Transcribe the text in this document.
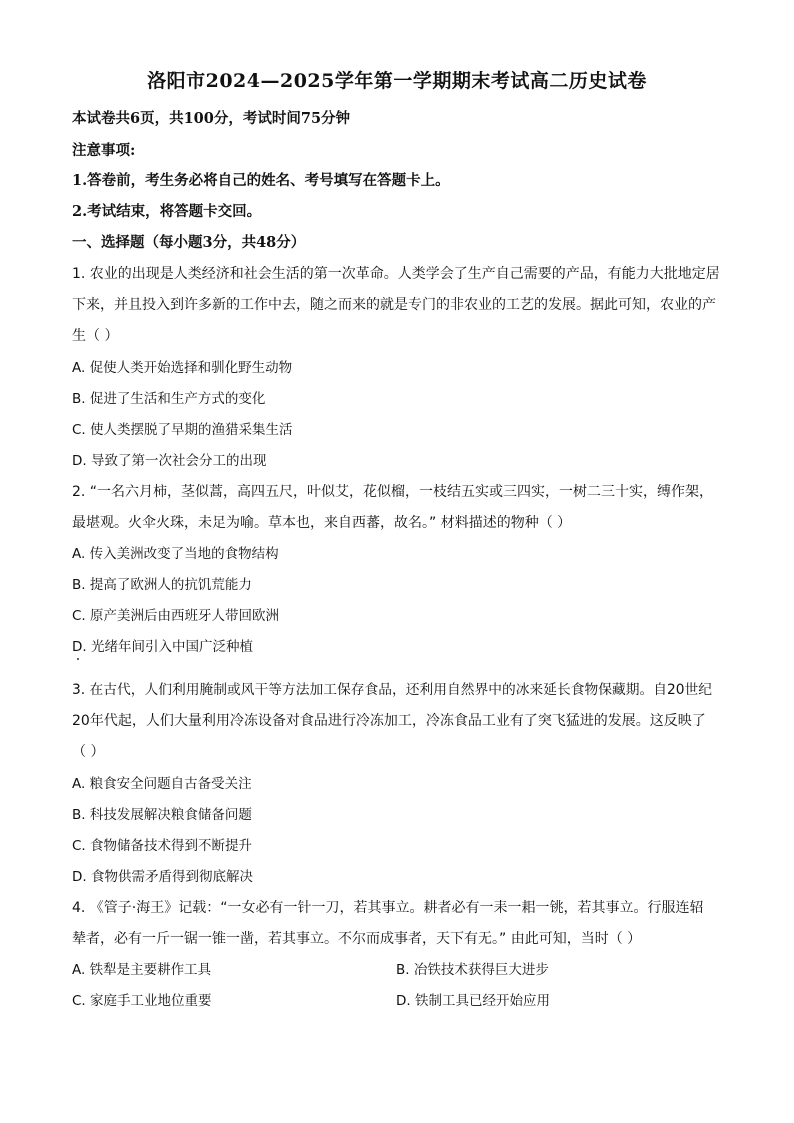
洛阳市2024—2025学年第一学期期末考试高二历史试卷
本试卷共6页，共100分，考试时间75分钟
注意事项:
1.答卷前，考生务必将自己的姓名、考号填写在答题卡上。
2.考试结束，将答题卡交回。
一、选择题（每小题3分，共48分）
1. 农业的出现是人类经济和社会生活的第一次革命。人类学会了生产自己需要的产品，有能力大批地定居
下来，并且投入到许多新的工作中去，随之而来的就是专门的非农业的工艺的发展。据此可知，农业的产
生（ ）
A. 促使人类开始选择和驯化野生动物
B. 促进了生活和生产方式的变化
C. 使人类摆脱了早期的渔猎采集生活
D. 导致了第一次社会分工的出现
2. “一名六月柿，茎似蒿，高四五尺，叶似艾，花似榴，一枝结五实或三四实，一树二三十实，缚作架，
最堪观。火伞火珠，未足为喻。草本也，来自西蕃，故名。” 材料描述的物种（ ）
A. 传入美洲改变了当地的食物结构
B. 提高了欧洲人的抗饥荒能力
C. 原产美洲后由西班牙人带回欧洲
D. 光绪年间引入中国广泛种植
3. 在古代，人们利用腌制或风干等方法加工保存食品，还利用自然界中的冰来延长食物保藏期。自20世纪
20年代起，人们大量利用冷冻设备对食品进行冷冻加工，冷冻食品工业有了突飞猛进的发展。这反映了
（ ）
A. 粮食安全问题自古备受关注
B. 科技发展解决粮食储备问题
C. 食物储备技术得到不断提升
D. 食物供需矛盾得到彻底解决
4. 《管子·海王》记载：“一女必有一针一刀，若其事立。耕者必有一耒一耜一铫，若其事立。行服连轺
辇者，必有一斤一锯一锥一凿，若其事立。不尔而成事者，天下有无。” 由此可知，当时（ ）
A. 铁犁是主要耕作工具	B. 冶铁技术获得巨大进步
C. 家庭手工业地位重要	D. 铁制工具已经开始应用
